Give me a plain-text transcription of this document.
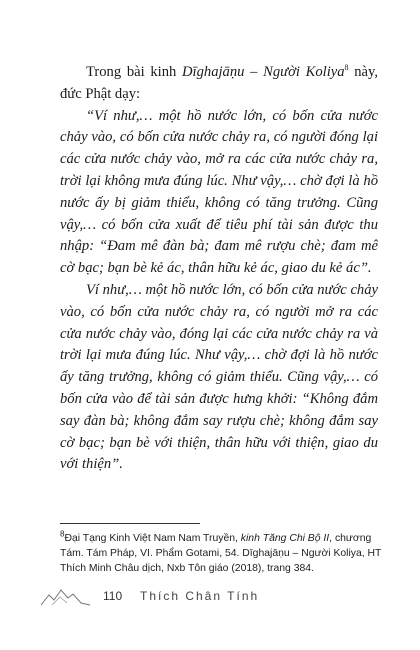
Trong bài kinh Dīghajāṇu – Người Koliya$^8$ này, đức Phật dạy:

“Ví như,… một hồ nước lớn, có bốn cửa nước chảy vào, có bốn cửa nước chảy ra, có người đóng lại các cửa nước chảy vào, mở ra các cửa nước chảy ra, trời lại không mưa đúng lúc. Như vậy,… chờ đợi là hồ nước ấy bị giảm thiểu, không có tăng trưởng. Cũng vậy,… có bốn cửa xuất để tiêu phí tài sản được thu nhập: “Đam mê đàn bà; đam mê rượu chè; đam mê cờ bạc; bạn bè kẻ ác, thân hữu kẻ ác, giao du kẻ ác”.

Ví như,… một hồ nước lớn, có bốn cửa nước chảy vào, có bốn cửa nước chảy ra, có người mở ra các cửa nước chảy vào, đóng lại các cửa nước chảy ra và trời lại mưa đúng lúc. Như vậy,… chờ đợi là hồ nước ấy tăng trưởng, không có giảm thiểu. Cũng vậy,… có bốn cửa vào để tài sản được hưng khởi: “Không đắm say đàn bà; không đắm say rượu chè; không đắm say cờ bạc; bạn bè với thiện, thân hữu với thiện, giao du với thiện”.

$^8$Đại Tạng Kinh Việt Nam Nam Truyền, kinh Tăng Chi Bộ II, chương Tám. Tám Pháp, VI. Phẩm Gotami, 54. Dīghajāṇu – Người Koliya, HT Thích Minh Châu dịch, Nxb Tôn giáo (2018), trang 384.

110 Thích Chân Tính
